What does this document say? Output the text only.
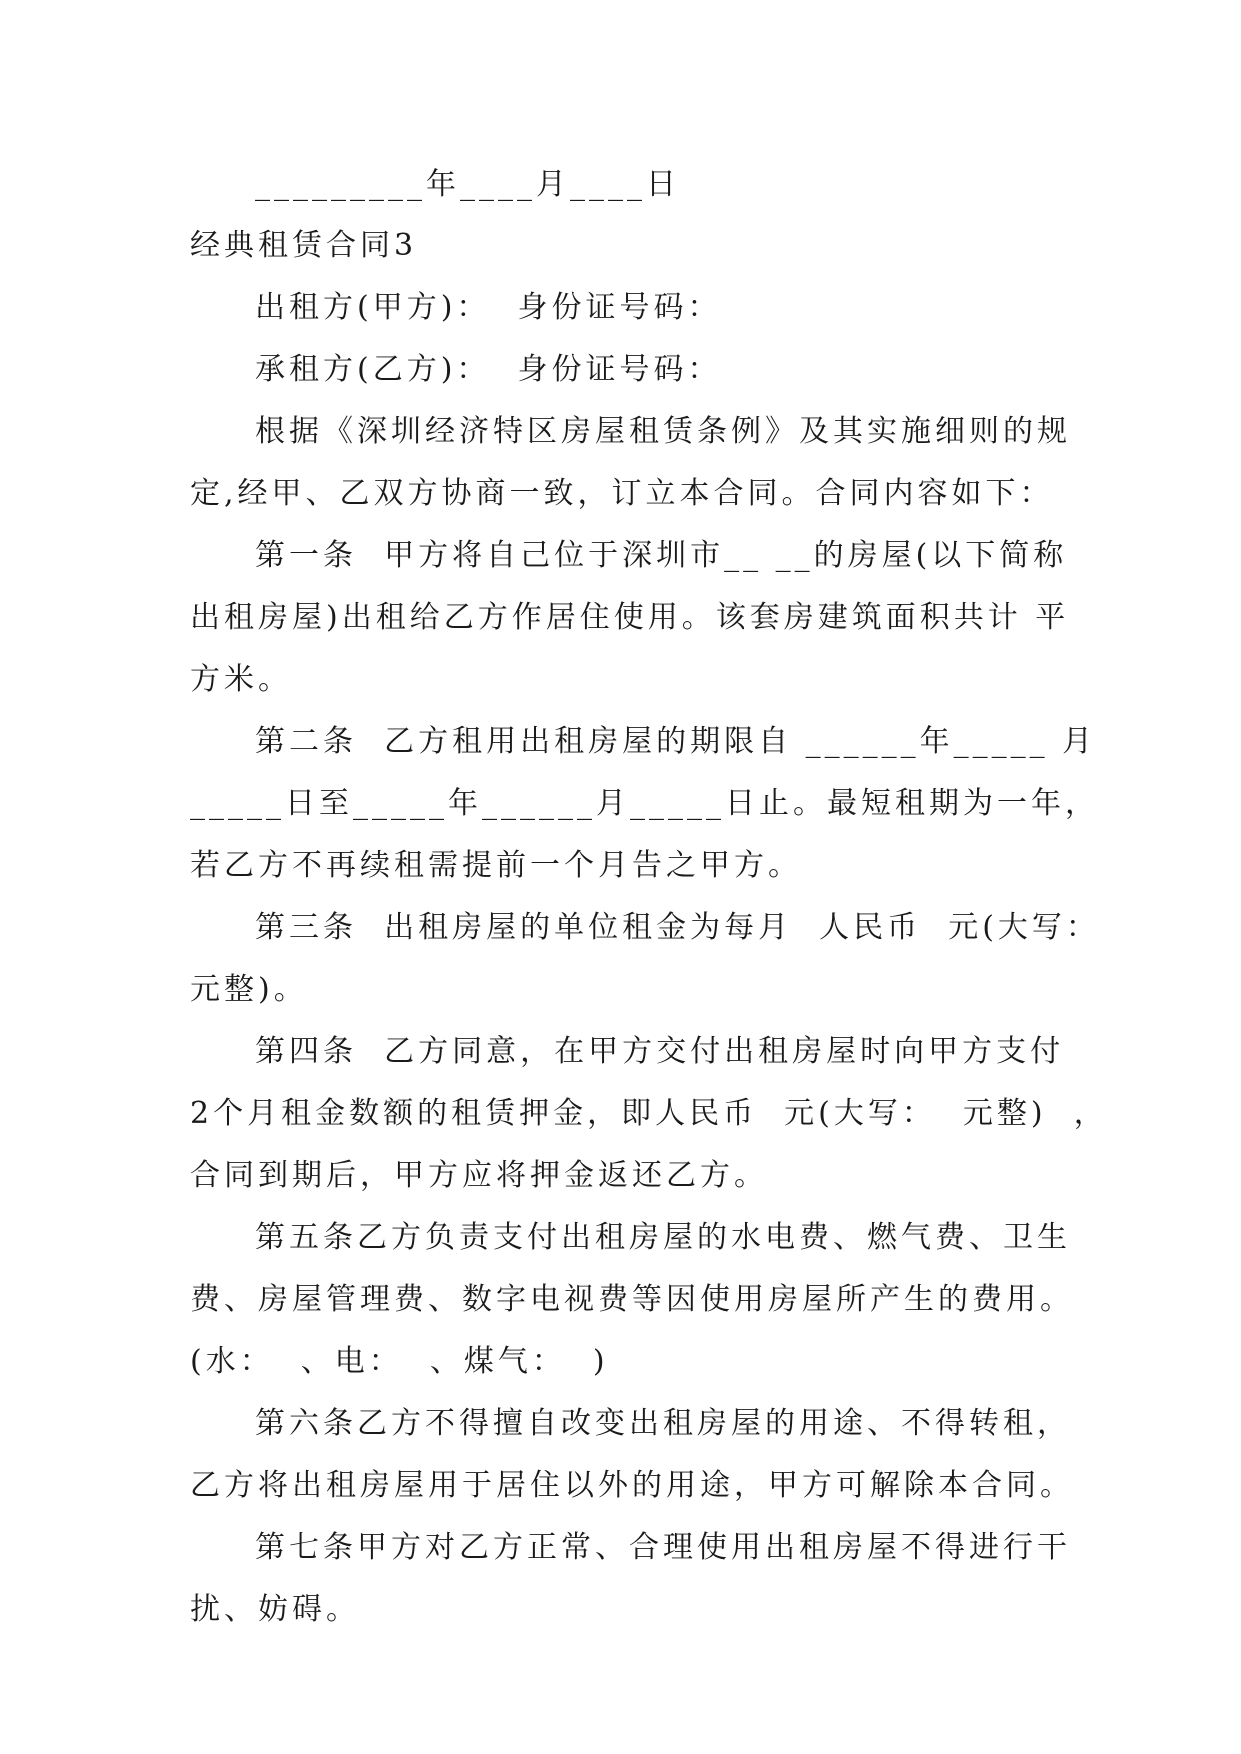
_________年____月____日
经典租赁合同3
出租方(甲方)：  身份证号码：
承租方(乙方)：  身份证号码：
根据《深圳经济特区房屋租赁条例》及其实施细则的规
定,经甲、乙双方协商一致，订立本合同。合同内容如下：
第一条  甲方将自己位于深圳市__ __的房屋(以下简称
出租房屋)出租给乙方作居住使用。该套房建筑面积共计 平
方米。
第二条  乙方租用出租房屋的期限自 ______年_____ 月
_____日至_____年______月_____日止。最短租期为一年，
若乙方不再续租需提前一个月告之甲方。
第三条  出租房屋的单位租金为每月  人民币  元(大写：
元整)。
第四条  乙方同意，在甲方交付出租房屋时向甲方支付
2个月租金数额的租赁押金，即人民币  元(大写：  元整)  ，
合同到期后，甲方应将押金返还乙方。
第五条乙方负责支付出租房屋的水电费、燃气费、卫生
费、房屋管理费、数字电视费等因使用房屋所产生的费用。
(水：  、电：  、煤气：  )
第六条乙方不得擅自改变出租房屋的用途、不得转租，
乙方将出租房屋用于居住以外的用途，甲方可解除本合同。
第七条甲方对乙方正常、合理使用出租房屋不得进行干
扰、妨碍。
